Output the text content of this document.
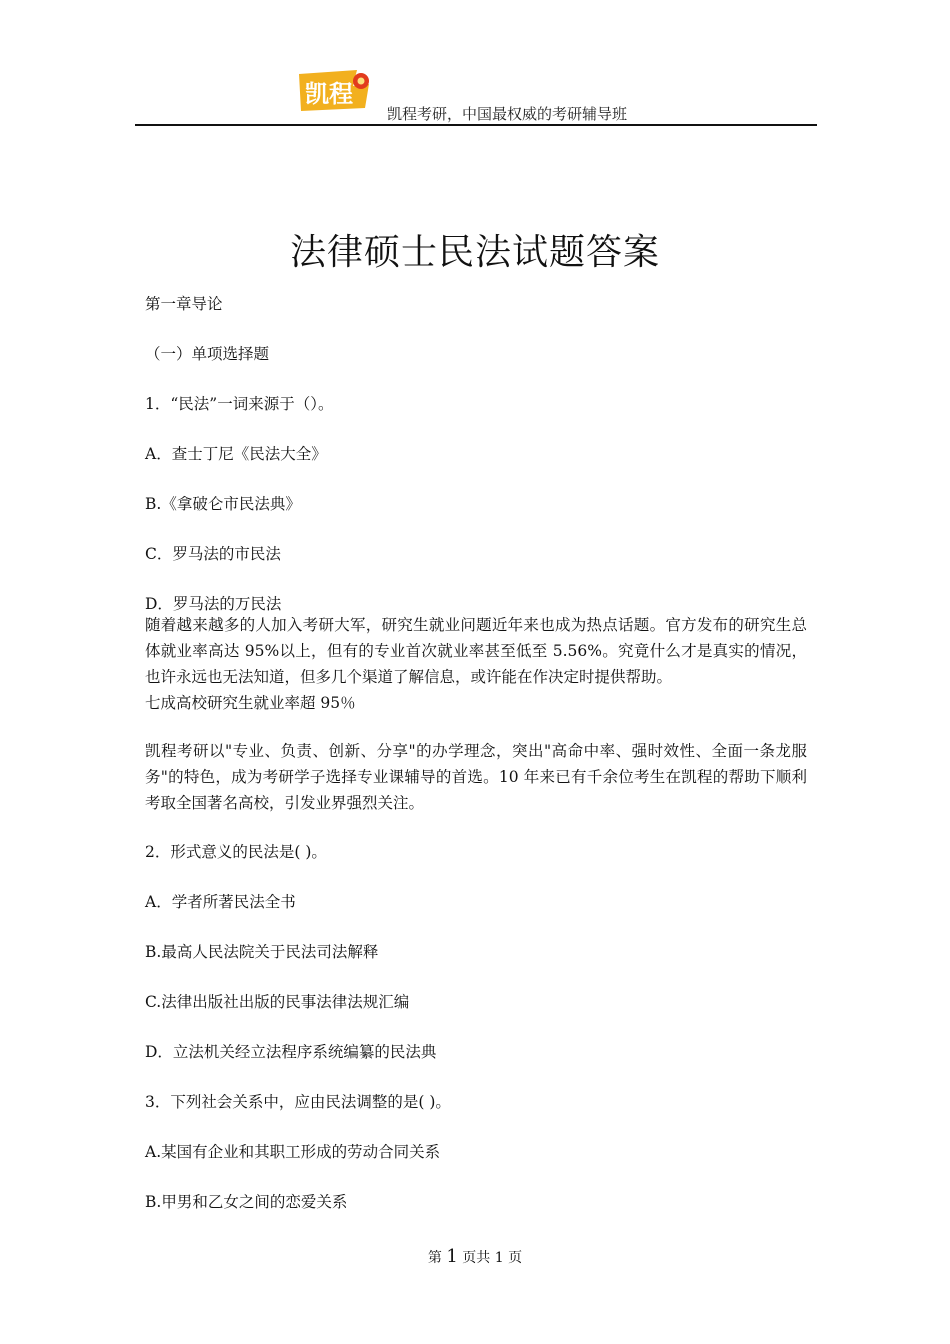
凯程
凯程考研，中国最权威的考研辅导班
法律硕士民法试题答案
第一章导论
（一）单项选择题
1．“民法”一词来源于（）。
A．查士丁尼《民法大全》
B.《拿破仑市民法典》
C．罗马法的市民法
D．罗马法的万民法
随着越来越多的人加入考研大军，研究生就业问题近年来也成为热点话题。官方发布的研究生总体就业率高达 95%以上，但有的专业首次就业率甚至低至 5.56%。究竟什么才是真实的情况，也许永远也无法知道，但多几个渠道了解信息，或许能在作决定时提供帮助。
七成高校研究生就业率超 95％
凯程考研以"专业、负责、创新、分享"的办学理念，突出"高命中率、强时效性、全面一条龙服务"的特色，成为考研学子选择专业课辅导的首选。10 年来已有千余位考生在凯程的帮助下顺利考取全国著名高校，引发业界强烈关注。
2．形式意义的民法是( )。
A．学者所著民法全书
B.最高人民法院关于民法司法解释
C.法律出版社出版的民事法律法规汇编
D．立法机关经立法程序系统编纂的民法典
3．下列社会关系中，应由民法调整的是( )。
A.某国有企业和其职工形成的劳动合同关系
B.甲男和乙女之间的恋爱关系
第 1 页共 1 页
